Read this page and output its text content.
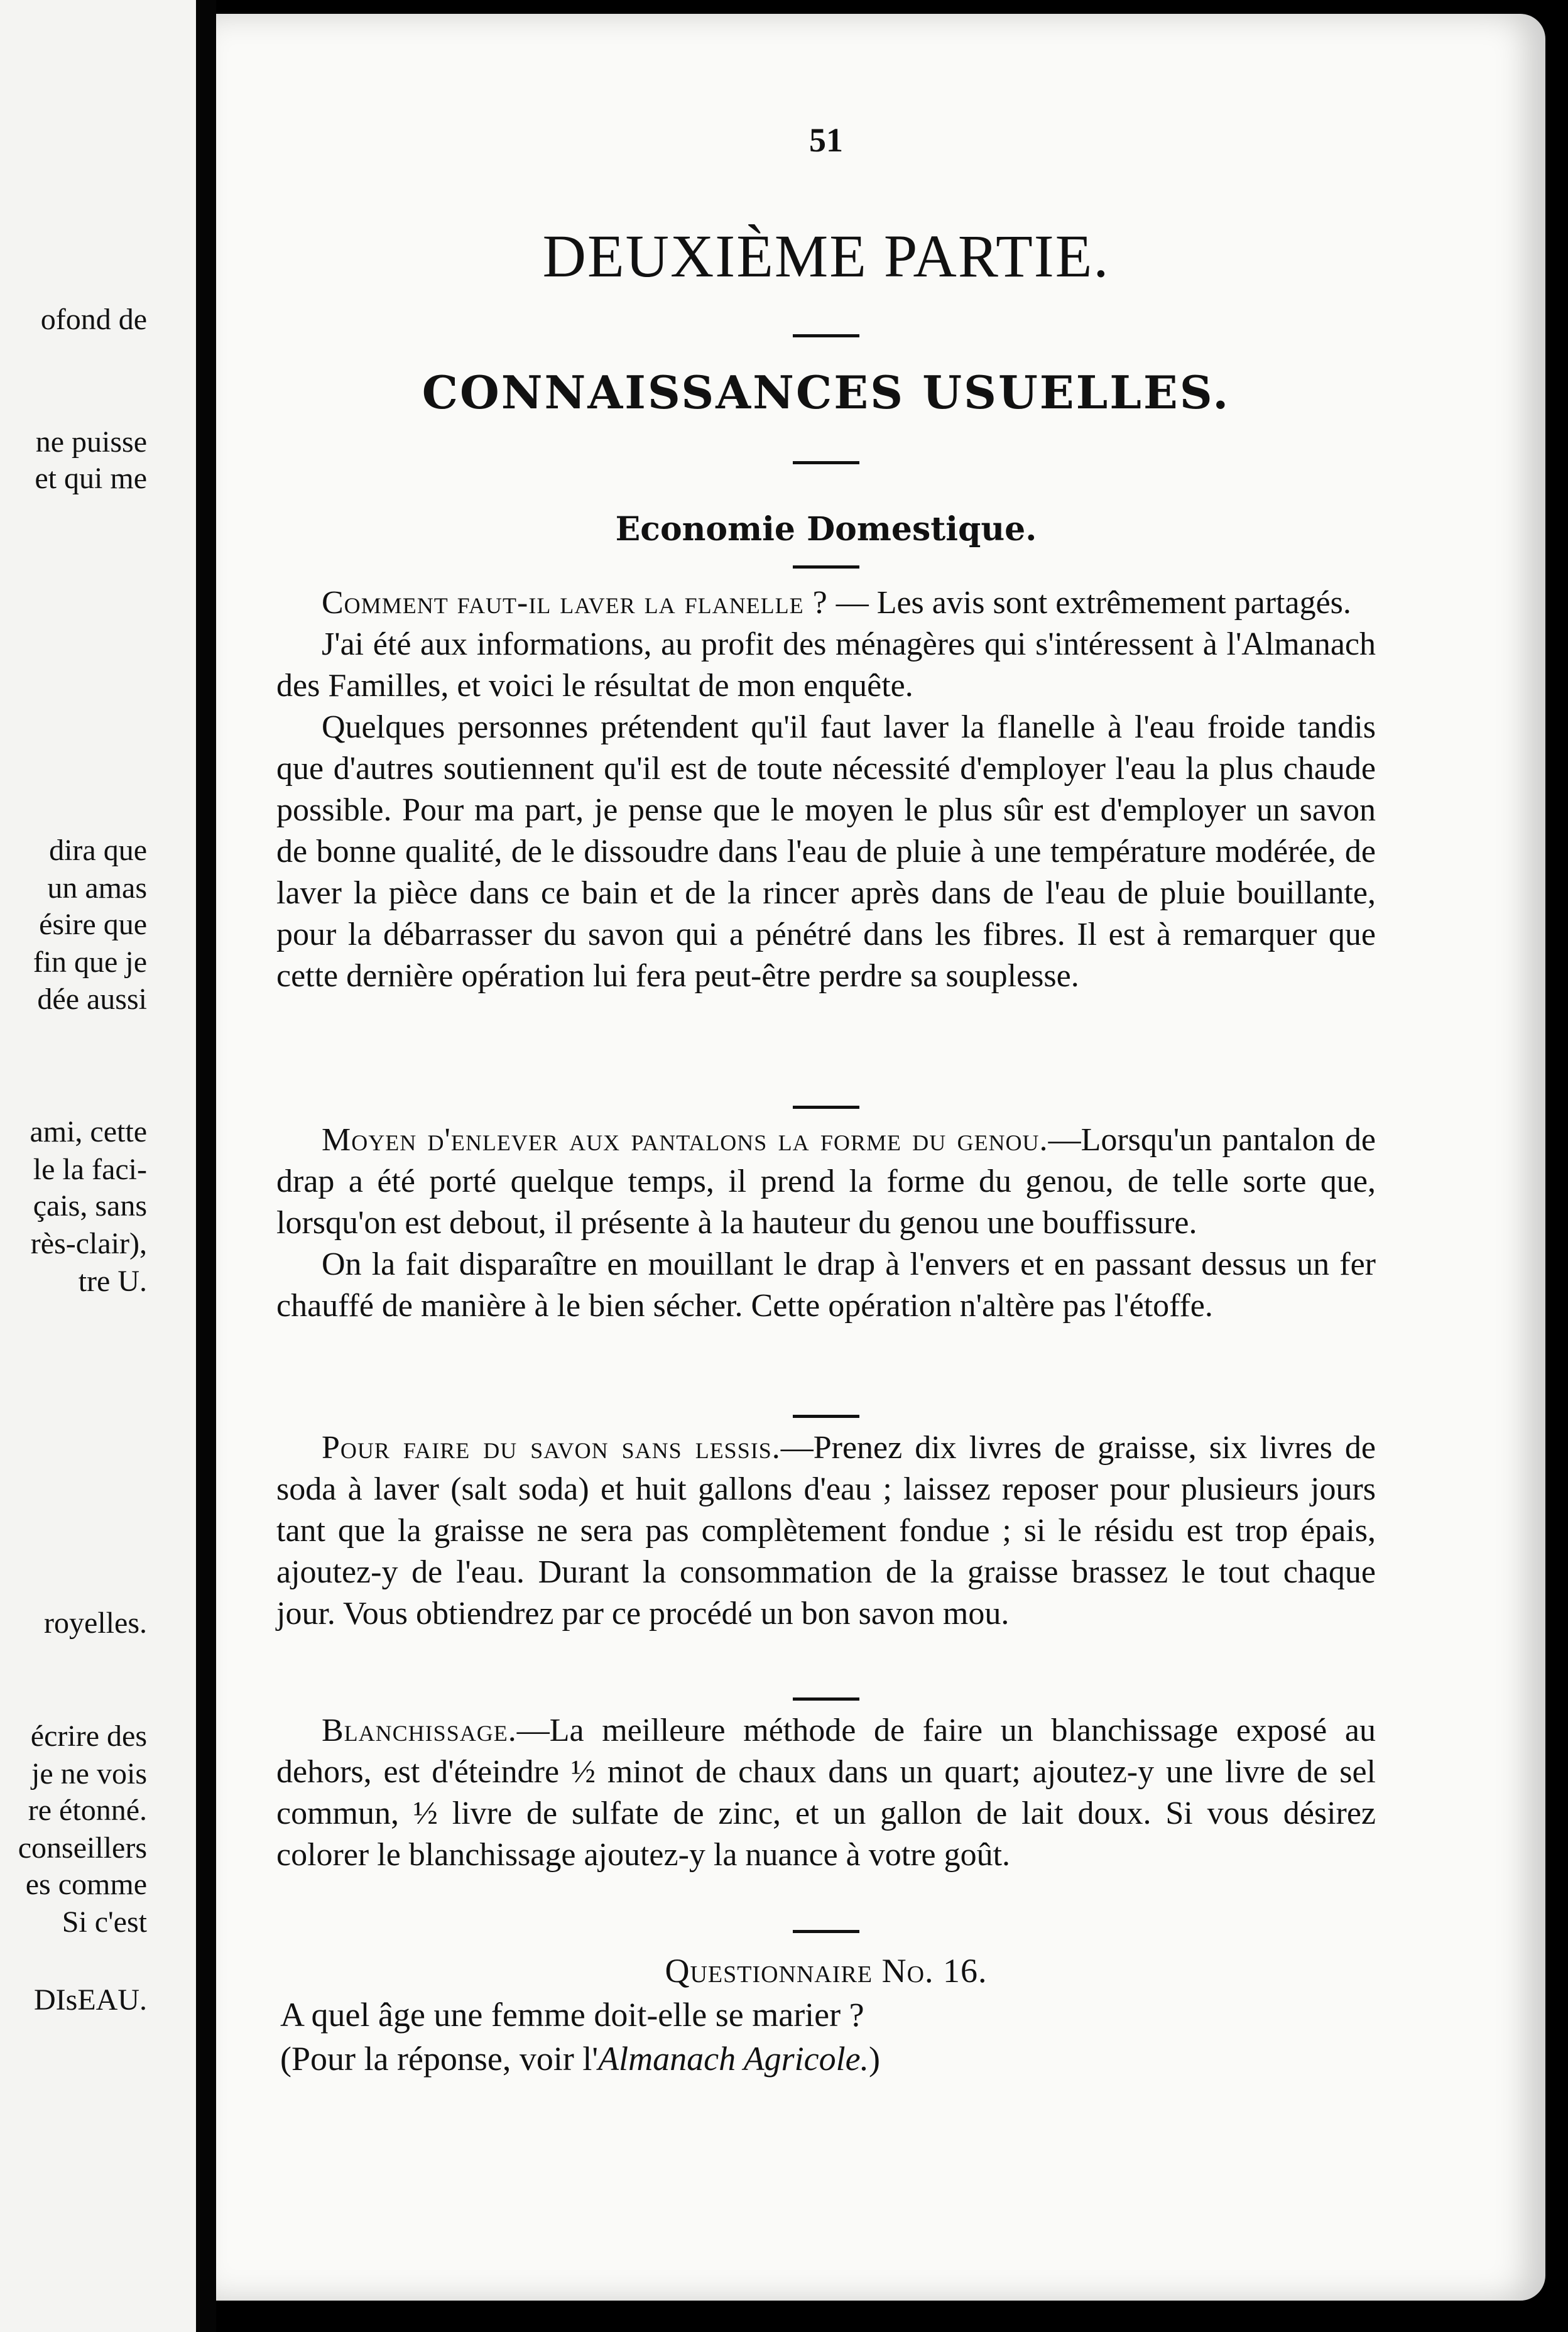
ofond de
ne puisse
et qui me
dira que
un amas
ésire que
fin que je
dée aussi
ami, cette
le la faci-
çais, sans
rès-clair),
tre U.
royelles.
écrire des
je ne vois
re étonné.
conseillers
es comme
Si c'est
DIsEAU.
51
DEUXIÈME PARTIE.
CONNAISSANCES USUELLES.
Economie Domestique.

Comment faut-il laver la flanelle ? — Les avis sont extrêmement partagés.

J'ai été aux informations, au profit des ménagères qui s'intéressent à l'Almanach des Familles, et voici le résultat de mon enquête.

Quelques personnes prétendent qu'il faut laver la flanelle à l'eau froide tandis que d'autres soutiennent qu'il est de toute nécessité d'employer l'eau la plus chaude possible. Pour ma part, je pense que le moyen le plus sûr est d'employer un savon de bonne qualité, de le dissoudre dans l'eau de pluie à une température modérée, de laver la pièce dans ce bain et de la rincer après dans de l'eau de pluie bouillante, pour la débarrasser du savon qui a pénétré dans les fibres. Il est à remarquer que cette dernière opération lui fera peut-être perdre sa souplesse.

Moyen d'enlever aux pantalons la forme du genou.—Lorsqu'un pantalon de drap a été porté quelque temps, il prend la forme du genou, de telle sorte que, lorsqu'on est debout, il présente à la hauteur du genou une bouffissure.

On la fait disparaître en mouillant le drap à l'envers et en passant dessus un fer chauffé de manière à le bien sécher. Cette opération n'altère pas l'étoffe.

Pour faire du savon sans lessis.—Prenez dix livres de graisse, six livres de soda à laver (salt soda) et huit gallons d'eau ; laissez reposer pour plusieurs jours tant que la graisse ne sera pas complètement fondue ; si le résidu est trop épais, ajoutez-y de l'eau. Durant la consommation de la graisse brassez le tout chaque jour. Vous obtiendrez par ce procédé un bon savon mou.

Blanchissage.—La meilleure méthode de faire un blanchissage exposé au dehors, est d'éteindre ½ minot de chaux dans un quart; ajoutez-y une livre de sel commun, ½ livre de sulfate de zinc, et un gallon de lait doux. Si vous désirez colorer le blanchissage ajoutez-y la nuance à votre goût.

Questionnaire No. 16.
A quel âge une femme doit-elle se marier ?
(Pour la réponse, voir l'Almanach Agricole.)
